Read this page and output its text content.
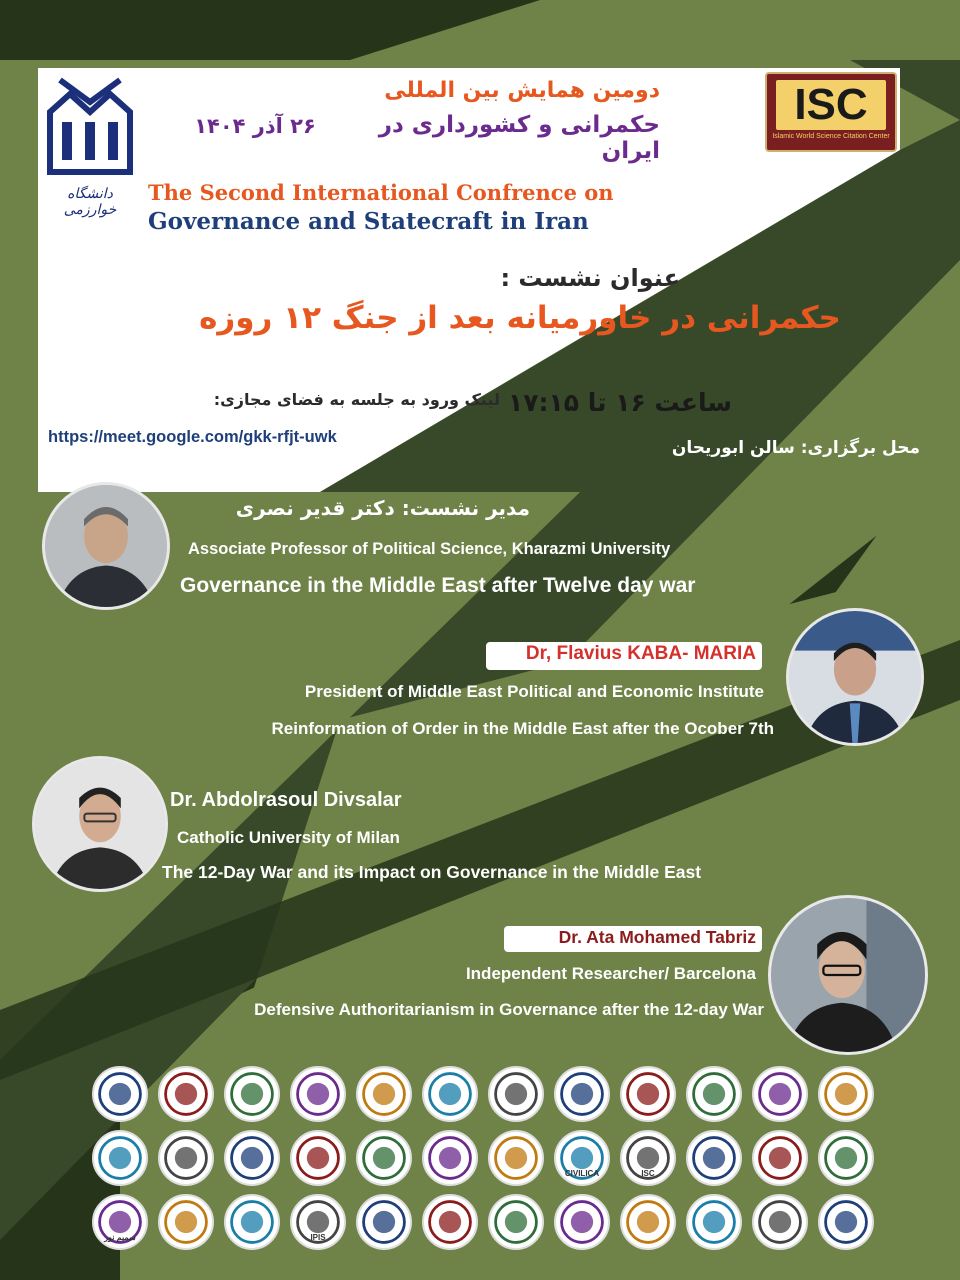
دانشگاه خوارزمی
دومین همایش بین المللی
حکمرانی و کشورداری در ایران
۲۶ آذر ۱۴۰۴	ISC
Islamic World Science Citation Center
The Second International Confrence on
Governance and Statecraft in Iran
عنوان نشست :
حکمرانی در خاورمیانه بعد از جنگ ۱۲ روزه
ساعت ۱۶ تا ۱۷:۱۵
لینک ورود به جلسه به فضای مجازی:
https://meet.google.com/gkk-rfjt-uwk
محل برگزاری: سالن ابوریحان
مدیر نشست: دکتر قدیر نصری
Associate Professor of Political Science, Kharazmi University
Governance in the Middle East after Twelve day war
Dr, Flavius KABA- MARIA
President of Middle East Political and Economic Institute
Reinformation of Order in the Middle East after the Ocober 7th
Dr. Abdolrasoul Divsalar
Catholic University of Milan
The 12-Day War and its Impact on Governance in the Middle East
Dr. Ata Mohamed Tabriz
Independent Researcher/ Barcelona
Defensive Authoritarianism in Governance after the 12-day War
CIVILICA	ISC
سمیم نور	IPIS
